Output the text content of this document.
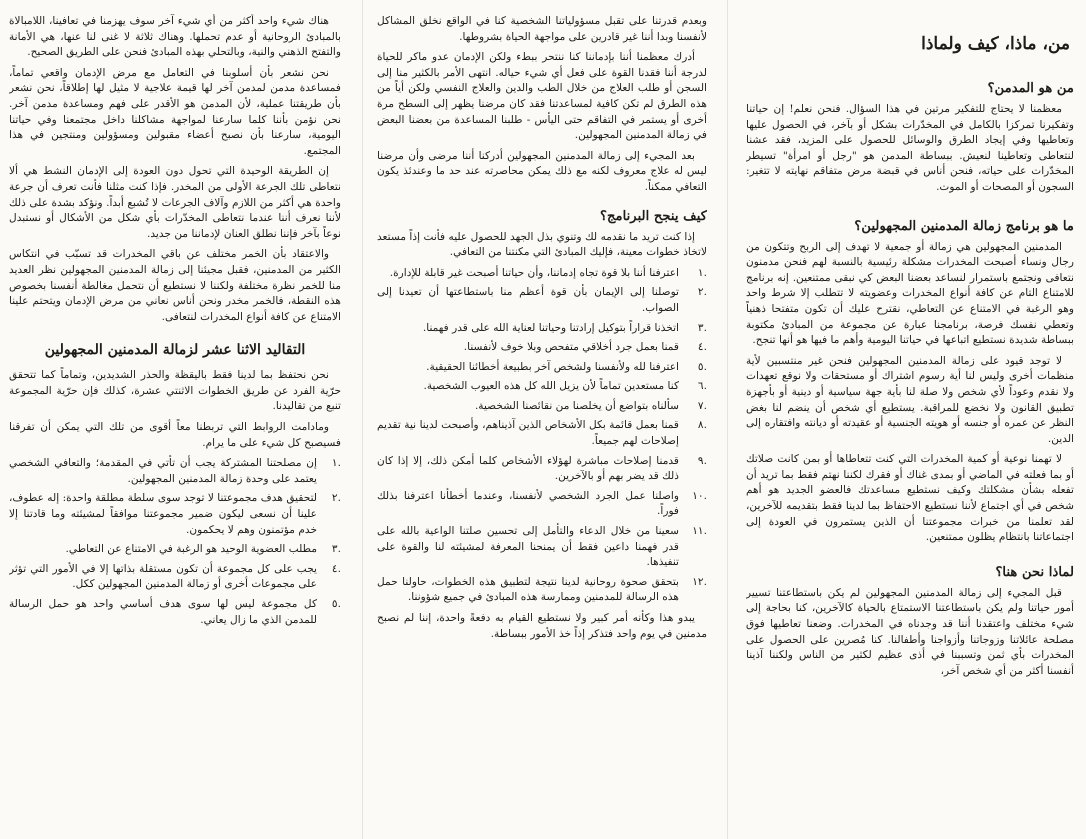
من، ماذا، كيف ولماذا
من هو المدمن؟

معظمنا لا يحتاج للتفكير مرتين في هذا السؤال. فنحن نعلم! إن حياتنا وتفكيرنا تمركزا بالكامل في المخدّرات بشكل أو بآخر، في الحصول عليها وتعاطيها وفي إيجاد الطرق والوسائل للحصول على المزيد، فقد عشنا لنتعاطى وتعاطينا لنعيش. ببساطة المدمن هو "رجل أو امرأة" تسيطر المخدّرات على حياته، فنحن أناس في قبضة مرض متفاقم نهايته لا تتغير: السجون أو المصحات أو الموت.

ما هو برنامج زمالة المدمنين المجهولين؟

المدمنين المجهولين هي زمالة أو جمعية لا تهدف إلى الربح وتتكون من رجال ونساء أصبحت المخدرات مشكلة رئيسية بالنسبة لهم فنحن مدمنون نتعافى ونجتمع باستمرار لنساعد بعضنا البعض كي نبقى ممتنعين. إنه برنامج للامتناع التام عن كافة أنواع المخدرات وعضويته لا تتطلب إلا شرط واحد وهو الرغبة في الامتناع عن التعاطي، نقترح عليك أن تكون متفتحا ذهنياً وتعطي نفسك فرصة، برنامجنا عبارة عن مجموعة من المبادئ مكتوبة ببساطة شديدة نستطيع اتباعها في حياتنا اليومية وأهم ما فيها هو أنها تنجح.

لا توجد قيود على زمالة المدمنين المجهولين فنحن غير منتسبين لأية منظمات أخرى وليس لنا أية رسوم اشتراك أو مستحقات ولا نوقع تعهدات ولا نقدم وعوداً لأي شخص ولا صلة لنا بأية جهة سياسية أو دينية أو بأجهزة تطبيق القانون ولا نخضع للمراقبة. يستطيع أي شخص أن ينضم لنا بغض النظر عن عمره أو جنسه أو هويته الجنسية أو عقيدته أو ديانته وافتقاره إلى الدين.

لا تهمنا نوعية أو كمية المخدرات التي كنت تتعاطاها أو بمن كانت صلاتك أو بما فعلته في الماضي أو بمدى غناك أو فقرك لكننا نهتم فقط بما تريد أن تفعله بشأن مشكلتك وكيف نستطيع مساعدتك فالعضو الجديد هو أهم شخص في أي اجتماع لأننا نستطيع الاحتفاظ بما لدينا فقط بتقديمه للآخرين، لقد تعلمنا من خبرات مجموعتنا أن الذين يستمرون في العودة إلى اجتماعاتنا بانتظام يظلون ممتنعين.

لماذا نحن هنا؟

قبل المجيء إلى زمالة المدمنين المجهولين لم يكن باستطاعتنا تسيير أمور حياتنا ولم يكن باستطاعتنا الاستمتاع بالحياة كالآخرين، كنا بحاجة إلى شيء مختلف واعتقدنا أننا قد وجدناه في المخدرات. وضعنا تعاطيها فوق مصلحة عائلاتنا وزوجاتنا وأزواجنا وأطفالنا. كنا مُصرين على الحصول على المخدرات بأي ثمن وتسببنا في أذى عظيم لكثير من الناس ولكننا آذينا أنفسنا أكثر من أي شخص آخر،

وبعدم قدرتنا على تقبل مسؤولياتنا الشخصية كنا في الواقع نخلق المشاكل لأنفسنا وبدا أننا غير قادرين على مواجهة الحياة بشروطها.

أدرك معظمنا أننا بإدماننا كنا ننتحر ببطء ولكن الإدمان عدو ماكر للحياة لدرجة أننا فقدنا القوة على فعل أي شيء حياله. انتهى الأمر بالكثير منا إلى السجن أو طلب العلاج من خلال الطب والدين والعلاج النفسي ولكن أياً من هذه الطرق لم تكن كافية لمساعدتنا فقد كان مرضنا يظهر إلى السطح مرة أخرى أو يستمر في التفاقم حتى اليأس - طلبنا المساعدة من بعضنا البعض في زمالة المدمنين المجهولين.

بعد المجيء إلى زمالة المدمنين المجهولين أدركنا أننا مرضى وأن مرضنا ليس له علاج معروف لكنه مع ذلك يمكن محاصرته عند حد ما وعندئذ يكون التعافي ممكناً.

كيف ينجح البرنامج؟

إذا كنت تريد ما نقدمه لك وتنوي بذل الجهد للحصول عليه فأنت إذاً مستعد لاتخاذ خطوات معينة، فإليك المبادئ التي مكنتنا من التعافي.

١.
اعترفنا أننا بلا قوة تجاه إدماننا، وأن حياتنا أصبحت غير قابلة للإدارة.
٢.
توصلنا إلى الإيمان بأن قوة أعظم منا باستطاعتها أن تعيدنا إلى الصواب.
٣.
اتخذنا قراراً بتوكيل إرادتنا وحياتنا لعناية الله على قدر فهمنا.
٤.
قمنا بعمل جرد أخلاقي متفحص وبلا خوف لأنفسنا.
٥.
اعترفنا لله ولأنفسنا ولشخص آخر بطبيعة أخطائنا الحقيقية.
٦.
كنا مستعدين تماماً لأن يزيل الله كل هذه العيوب الشخصية.
٧.
سألناه بتواضع أن يخلصنا من نقائصنا الشخصية.
٨.
قمنا بعمل قائمة بكل الأشخاص الذين آذيناهم، وأصبحت لدينا نية تقديم إصلاحات لهم جميعاً.
٩.
قدمنا إصلاحات مباشرة لهؤلاء الأشخاص كلما أمكن ذلك، إلا إذا كان ذلك قد يضر بهم أو بالآخرين.
١٠.
واصلنا عمل الجرد الشخصي لأنفسنا، وعندما أخطأنا اعترفنا بذلك فوراً.
١١.
سعينا من خلال الدعاء والتأمل إلى تحسين صلتنا الواعية بالله على قدر فهمنا داعين فقط أن يمنحنا المعرفة لمشيئته لنا والقوة على تنفيذها.
١٢.
بتحقق صحوة روحانية لدينا نتيجة لتطبيق هذه الخطوات، حاولنا حمل هذه الرسالة للمدمنين وممارسة هذه المبادئ في جميع شؤوننا.

يبدو هذا وكأنه أمر كبير ولا نستطيع القيام به دفعةً واحدة، إننا لم نصبح مدمنين في يوم واحد فتذكر إذاً خذ الأمور ببساطة.

هناك شيء واحد أكثر من أي شيء آخر سوف يهزمنا في تعافينا، اللامبالاة بالمبادئ الروحانية أو عدم تحملها. وهناك ثلاثة لا غنى لنا عنها، هي الأمانة والتفتح الذهني والنية، وبالتحلي بهذه المبادئ فنحن على الطريق الصحيح.

نحن نشعر بأن أسلوبنا في التعامل مع مرض الإدمان واقعي تماماً، فمساعدة مدمن لمدمن آخر لها قيمة علاجية لا مثيل لها إطلاقاً، نحن نشعر بأن طريقتنا عملية، لأن المدمن هو الأقدر على فهم ومساعدة مدمن آخر. نحن نؤمن بأننا كلما سارعنا لمواجهة مشاكلنا داخل مجتمعنا وفي حياتنا اليومية، سارعنا بأن نصبح أعضاء مقبولين ومسؤولين ومنتجين في هذا المجتمع.

إن الطريقة الوحيدة التي تحول دون العودة إلى الإدمان النشط هي ألا نتعاطى تلك الجرعة الأولى من المخدر. فإذا كنت مثلنا فأنت تعرف أن جرعة واحدة هي أكثر من اللازم وآلاف الجرعات لا تُشبع أبداً. ونؤكد بشدة على ذلك لأننا نعرف أننا عندما نتعاطى المخدّرات بأي شكل من الأشكال أو نستبدل نوعاً بآخر فإننا نطلق العنان لإدماننا من جديد.

والاعتقاد بأن الخمر مختلف عن باقي المخدرات قد تسبّب في انتكاس الكثير من المدمنين، فقبل مجيئنا إلى زمالة المدمنين المجهولين نظر العديد منا للخمر نظرة مختلفة ولكننا لا نستطيع أن نتحمل مغالطة أنفسنا بخصوص هذه النقطة، فالخمر مخدر ونحن أناس نعاني من مرض الإدمان ويتحتم علينا الامتناع عن كافة أنواع المخدرات لنتعافى.

التقاليد الاثنا عشر لزمالة المدمنين المجهولين

نحن نحتفظ بما لدينا فقط باليقظة والحذر الشديدين، وتماماً كما تتحقق حرّية الفرد عن طريق الخطوات الاثنتي عشرة، كذلك فإن حرّية المجموعة تنبع من تقاليدنا.

ومادامت الروابط التي تربطنا معاً أقوى من تلك التي يمكن أن تفرقنا فسيصبح كل شيء على ما يرام.

١.
إن مصلحتنا المشتركة يجب أن تأتي في المقدمة؛ والتعافي الشخصي يعتمد على وحدة زمالة المدمنين المجهولين.
٢.
لتحقيق هدف مجموعتنا لا توجد سوى سلطة مطلقة واحدة: إله عطوف، علينا أن نسعى ليكون ضمير مجموعتنا موافقاً لمشيئته وما قادتنا إلا خدم مؤتمنون وهم لا يحكمون.
٣.
مطلب العضوية الوحيد هو الرغبة في الامتناع عن التعاطي.
٤.
يجب على كل مجموعة أن تكون مستقلة بذاتها إلا في الأمور التي تؤثر على مجموعات أخرى أو زمالة المدمنين المجهولين ككل.
٥.
كل مجموعة ليس لها سوى هدف أساسي واحد هو حمل الرسالة للمدمن الذي ما زال يعاني.
